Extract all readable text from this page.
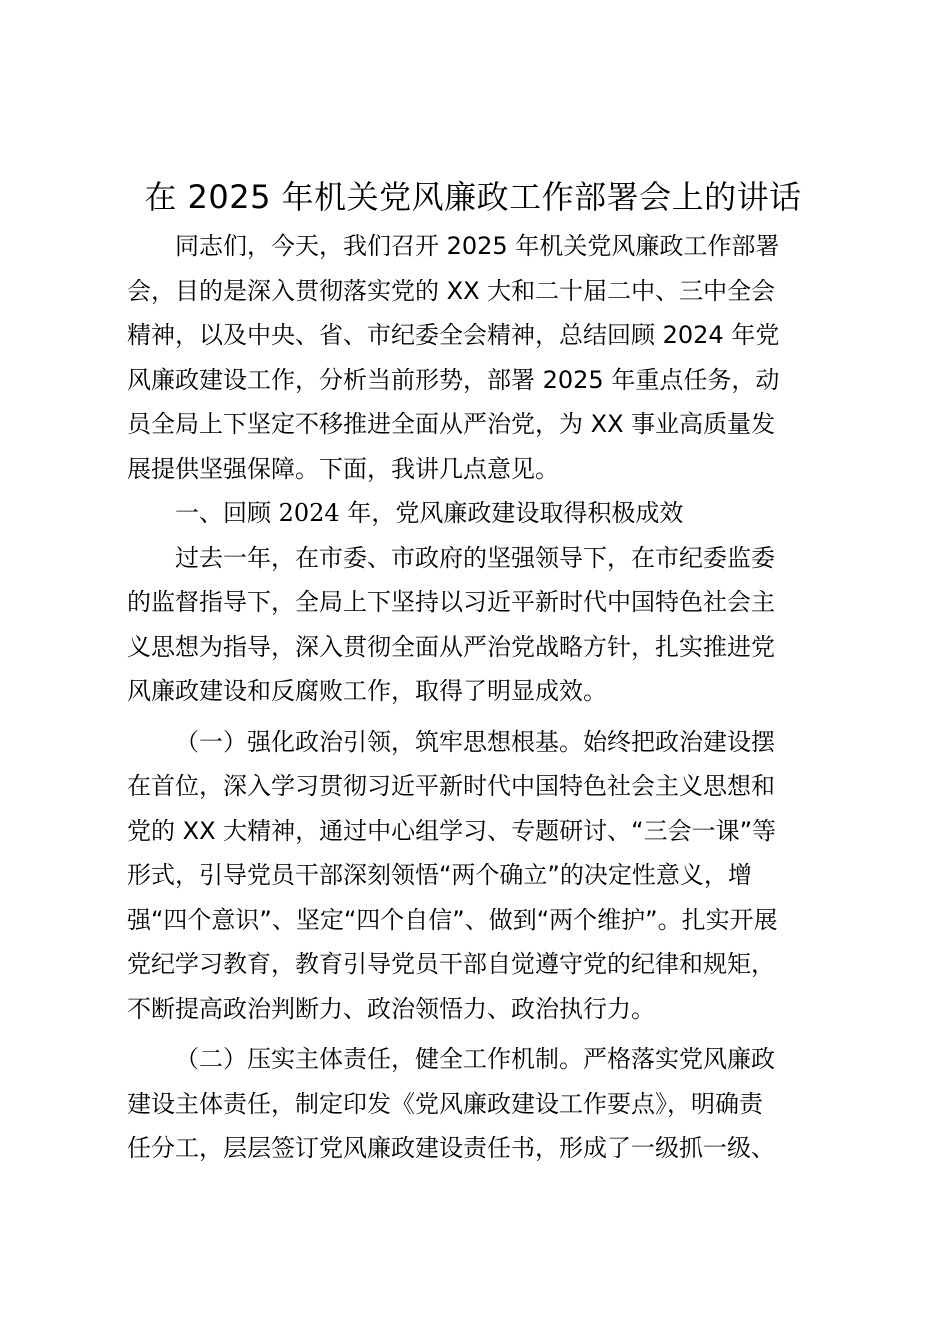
在 2025 年机关党风廉政工作部署会上的讲话

同志们，今天，我们召开 2025 年机关党风廉政工作部署
会，目的是深入贯彻落实党的 XX 大和二十届二中、三中全会
精神，以及中央、省、市纪委全会精神，总结回顾 2024 年党
风廉政建设工作，分析当前形势，部署 2025 年重点任务，动
员全局上下坚定不移推进全面从严治党，为 XX 事业高质量发
展提供坚强保障。下面，我讲几点意见。

一、回顾 2024 年，党风廉政建设取得积极成效

过去一年，在市委、市政府的坚强领导下，在市纪委监委
的监督指导下，全局上下坚持以习近平新时代中国特色社会主
义思想为指导，深入贯彻全面从严治党战略方针，扎实推进党
风廉政建设和反腐败工作，取得了明显成效。

（一）强化政治引领，筑牢思想根基。始终把政治建设摆
在首位，深入学习贯彻习近平新时代中国特色社会主义思想和
党的 XX 大精神，通过中心组学习、专题研讨、“三会一课”等
形式，引导党员干部深刻领悟“两个确立”的决定性意义，增
强“四个意识”、坚定“四个自信”、做到“两个维护”。扎实开展
党纪学习教育，教育引导党员干部自觉遵守党的纪律和规矩，
不断提高政治判断力、政治领悟力、政治执行力。

（二）压实主体责任，健全工作机制。严格落实党风廉政
建设主体责任，制定印发《党风廉政建设工作要点》，明确责
任分工，层层签订党风廉政建设责任书，形成了一级抓一级、
